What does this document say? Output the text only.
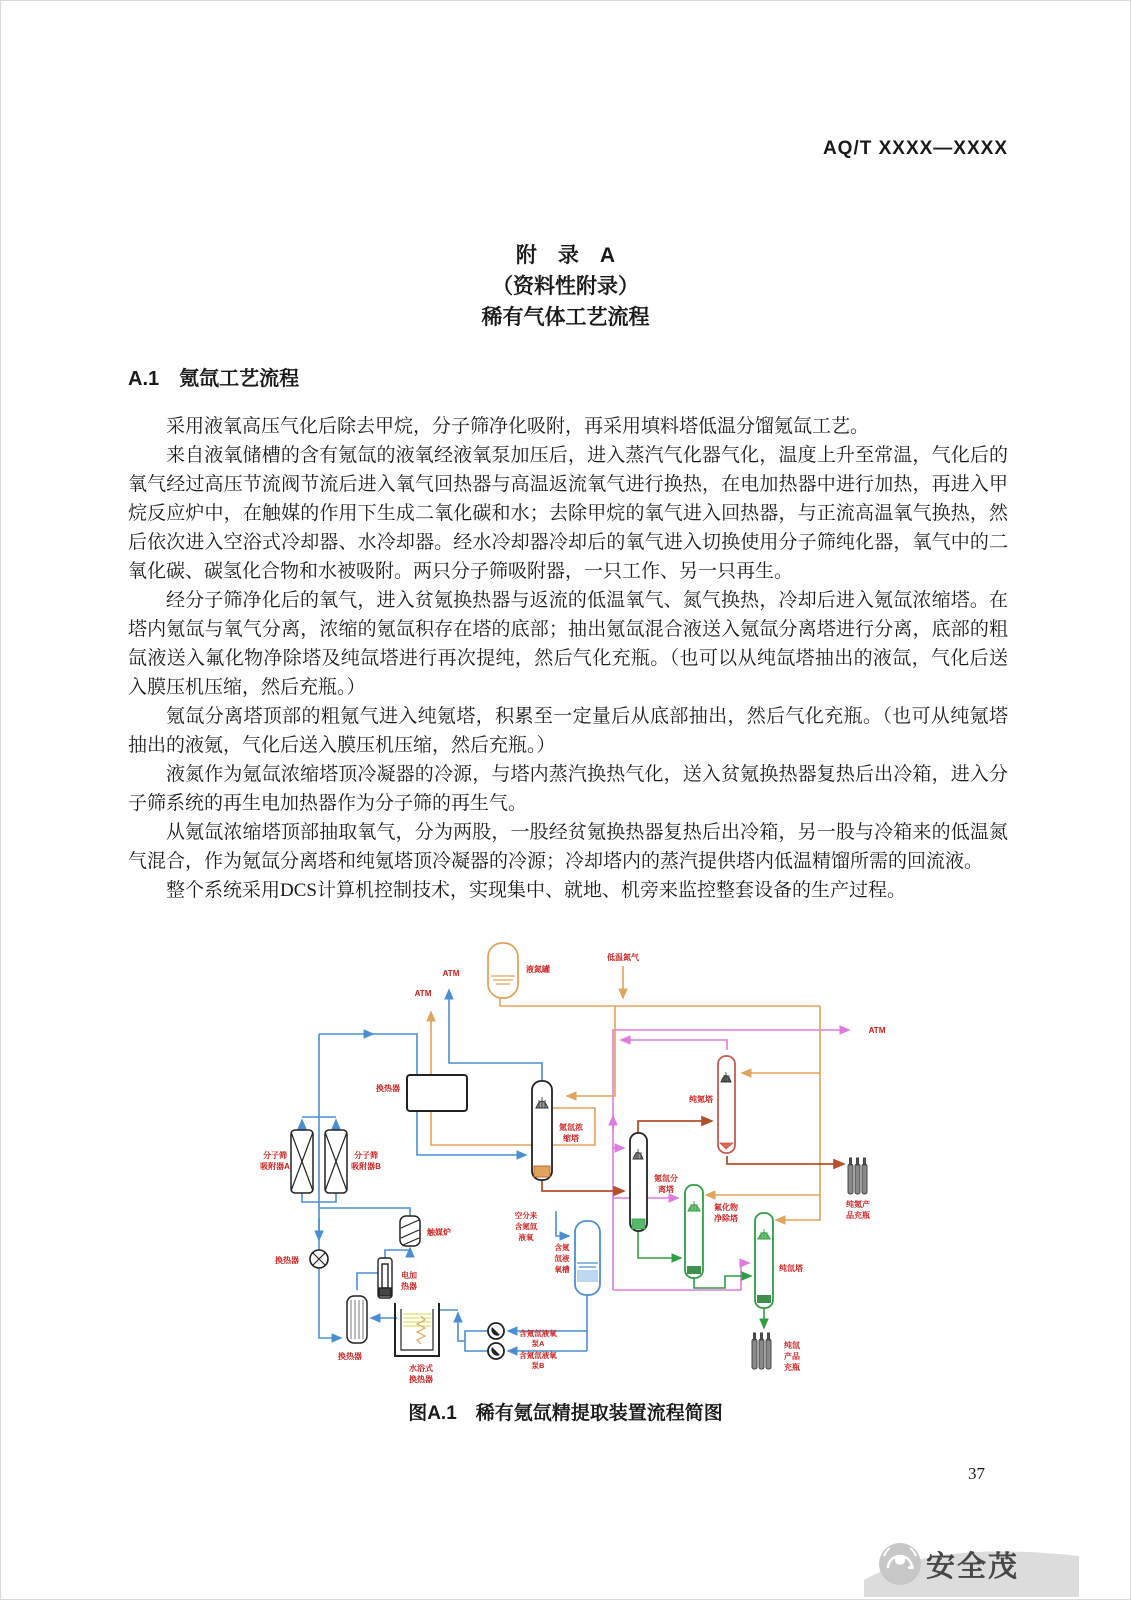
AQ/T XXXX—XXXX
附　录　A
（资料性附录）
稀有气体工艺流程
A.1　氪氙工艺流程

采用液氧高压气化后除去甲烷，分子筛净化吸附，再采用填料塔低温分馏氪氙工艺。

来自液氧储槽的含有氪氙的液氧经液氧泵加压后，进入蒸汽气化器气化，温度上升至常温，气化后的氧气经过高压节流阀节流后进入氧气回热器与高温返流氧气进行换热，在电加热器中进行加热，再进入甲烷反应炉中，在触媒的作用下生成二氧化碳和水；去除甲烷的氧气进入回热器，与正流高温氧气换热，然后依次进入空浴式冷却器、水冷却器。经水冷却器冷却后的氧气进入切换使用分子筛纯化器，氧气中的二氧化碳、碳氢化合物和水被吸附。两只分子筛吸附器，一只工作、另一只再生。

经分子筛净化后的氧气，进入贫氪换热器与返流的低温氧气、氮气换热，冷却后进入氪氙浓缩塔。在塔内氪氙与氧气分离，浓缩的氪氙积存在塔的底部；抽出氪氙混合液送入氪氙分离塔进行分离，底部的粗氙液送入氟化物净除塔及纯氙塔进行再次提纯，然后气化充瓶。（也可以从纯氙塔抽出的液氙，气化后送入膜压机压缩，然后充瓶。）

氪氙分离塔顶部的粗氪气进入纯氪塔，积累至一定量后从底部抽出，然后气化充瓶。（也可从纯氪塔抽出的液氪，气化后送入膜压机压缩，然后充瓶。）

液氮作为氪氙浓缩塔顶冷凝器的冷源，与塔内蒸汽换热气化，送入贫氪换热器复热后出冷箱，进入分子筛系统的再生电加热器作为分子筛的再生气。

从氪氙浓缩塔顶部抽取氧气，分为两股，一股经贫氪换热器复热后出冷箱，另一股与冷箱来的低温氮气混合，作为氪氙分离塔和纯氪塔顶冷凝器的冷源；冷却塔内的蒸汽提供塔内低温精馏所需的回流液。

整个系统采用DCS计算机控制技术，实现集中、就地、机旁来监控整套设备的生产过程。

ATM
ATM
ATM
低温氮气
液氮罐
换热器
分子筛
吸附器A
分子筛
吸附器B
换热器
触媒炉
电加
热器
换热器
水浴式
换热器
空分来
含氪氙
液氧
含氪
氙液
氧槽
含氪氙液氧
泵A
含氪氙液氧
泵B
氪氙浓
缩塔
氪氙分
离塔
纯氪塔
氟化物
净除塔
纯氙塔
纯氪产
品充瓶
纯氙
产品
充瓶
图A.1　稀有氪氙精提取装置流程简图
37
安全茂
